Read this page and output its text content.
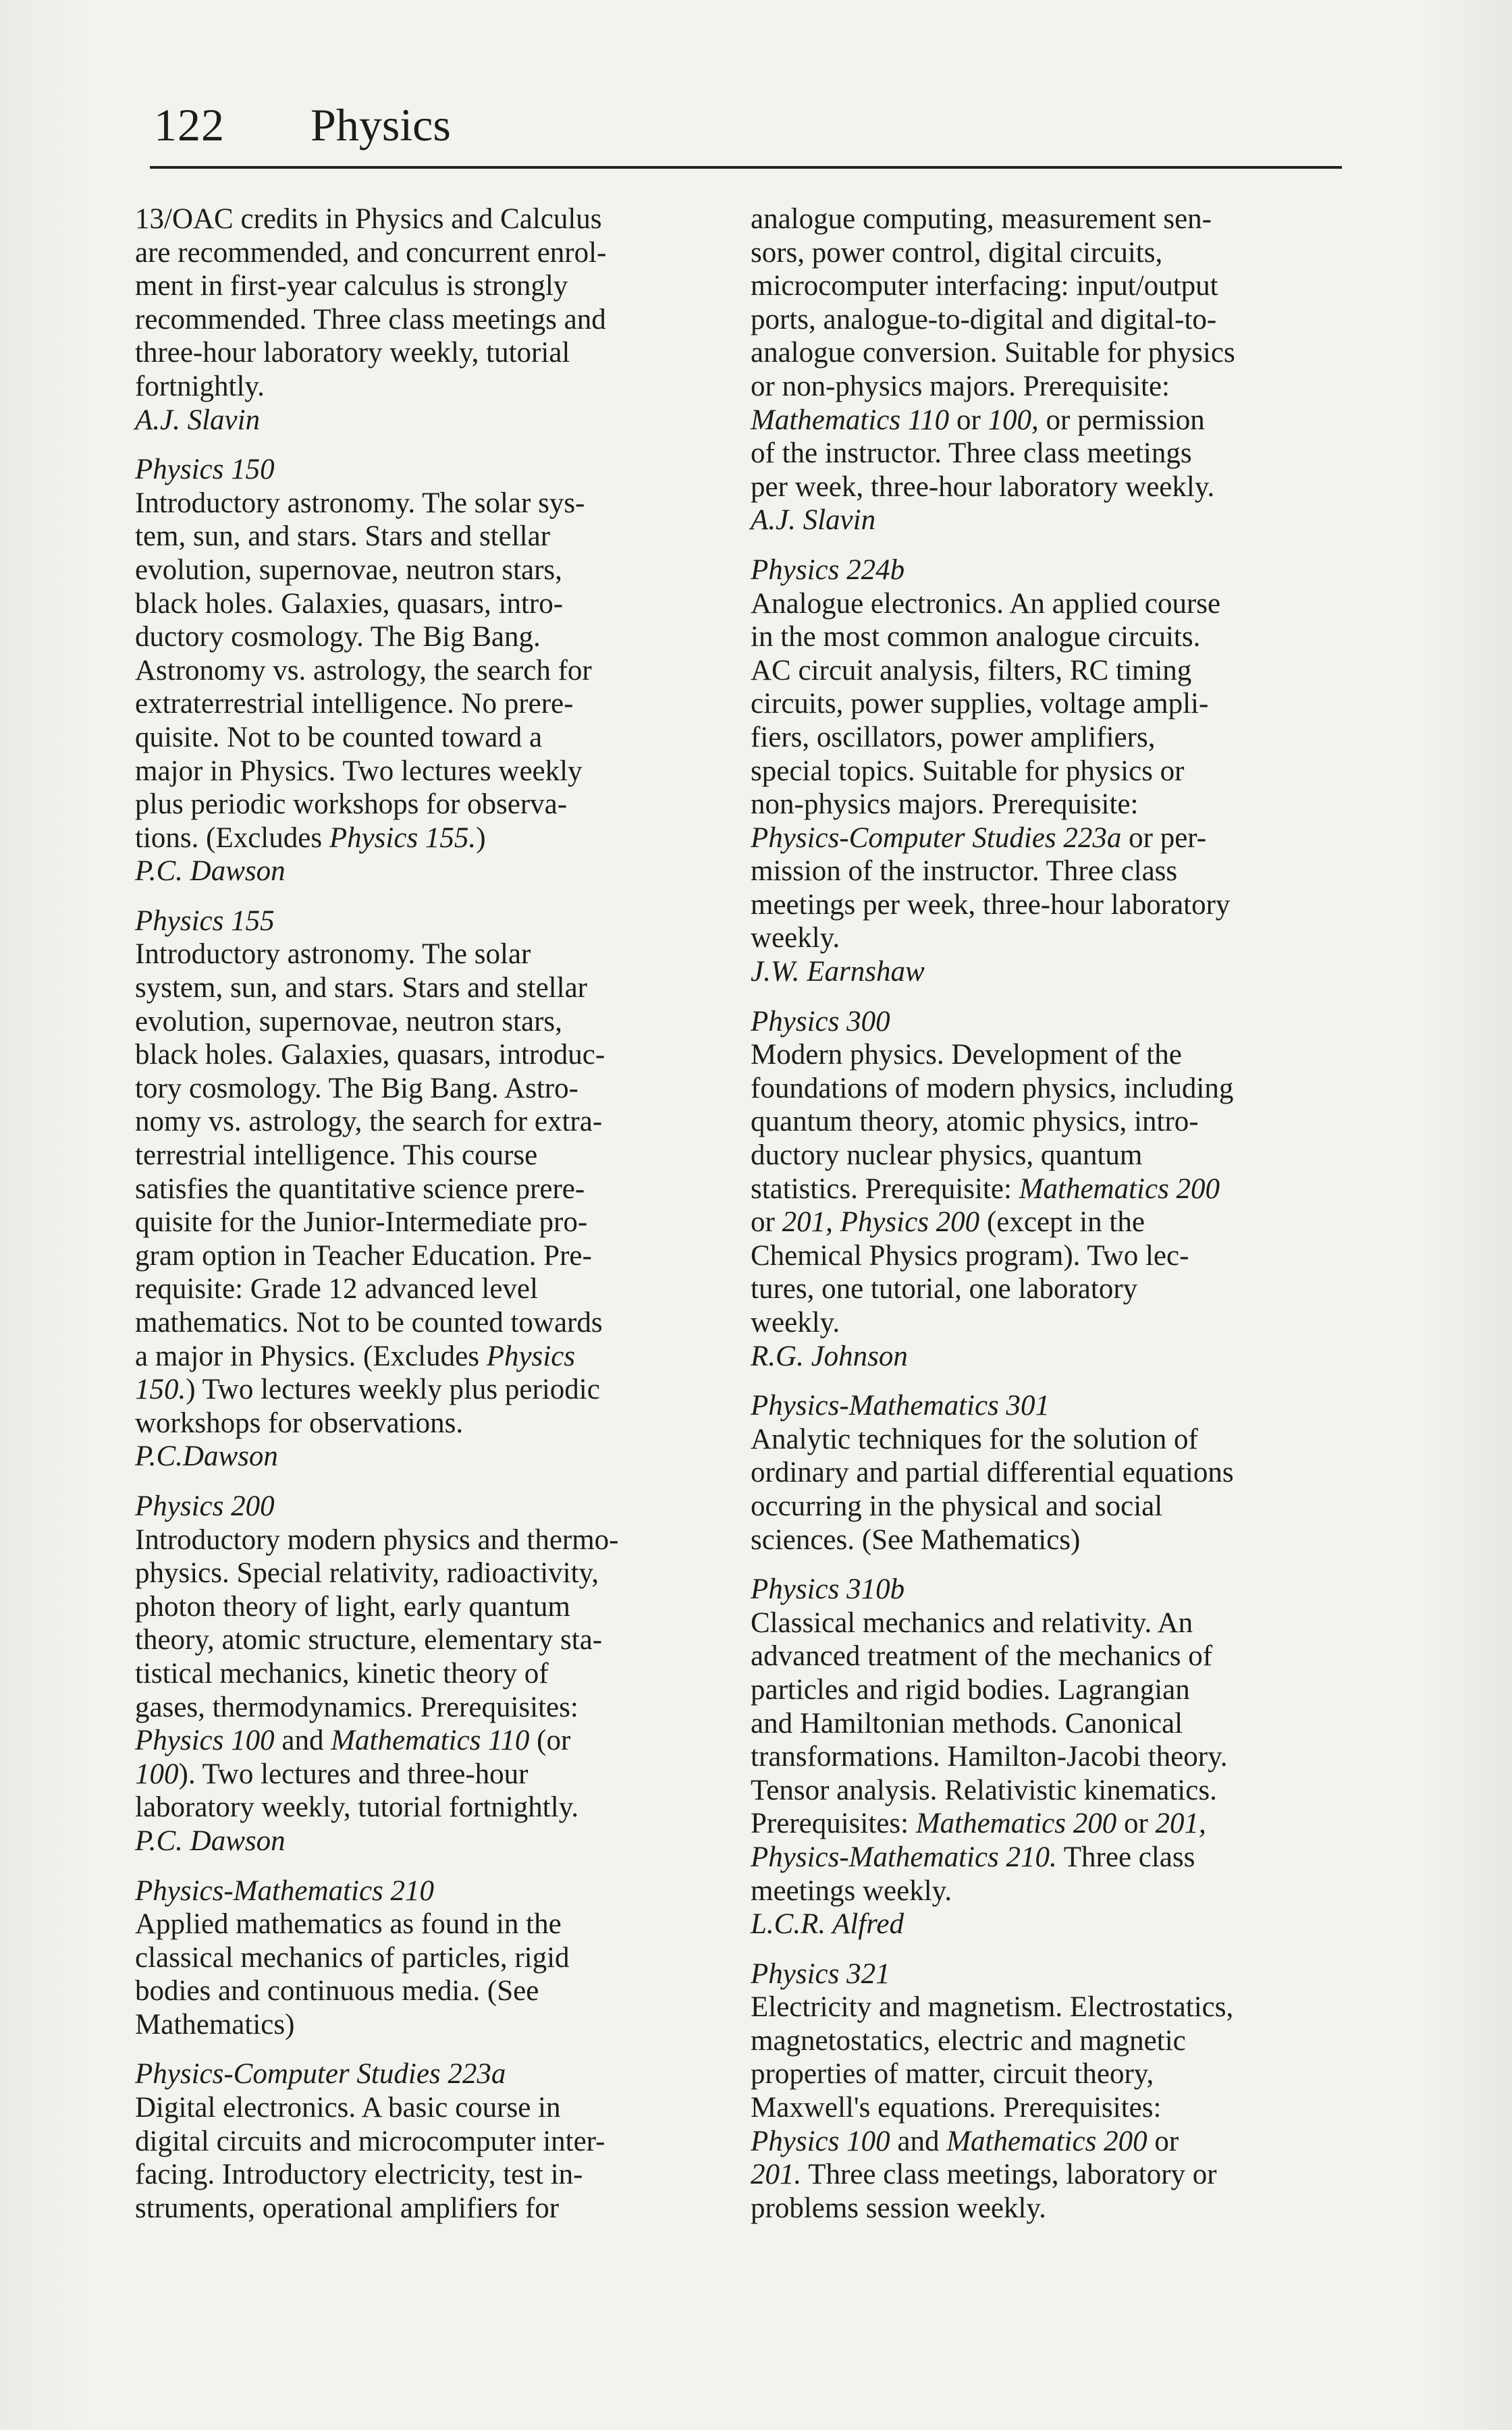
122 Physics
13/OAC credits in Physics and Calculus
are recommended, and concurrent enrol-
ment in first-year calculus is strongly
recommended. Three class meetings and
three-hour laboratory weekly, tutorial
fortnightly.
A.J. Slavin
Physics 150
Introductory astronomy. The solar sys-
tem, sun, and stars. Stars and stellar
evolution, supernovae, neutron stars,
black holes. Galaxies, quasars, intro-
ductory cosmology. The Big Bang.
Astronomy vs. astrology, the search for
extraterrestrial intelligence. No prere-
quisite. Not to be counted toward a
major in Physics. Two lectures weekly
plus periodic workshops for observa-
tions. (Excludes Physics 155.)
P.C. Dawson
Physics 155
Introductory astronomy. The solar
system, sun, and stars. Stars and stellar
evolution, supernovae, neutron stars,
black holes. Galaxies, quasars, introduc-
tory cosmology. The Big Bang. Astro-
nomy vs. astrology, the search for extra-
terrestrial intelligence. This course
satisfies the quantitative science prere-
quisite for the Junior-Intermediate pro-
gram option in Teacher Education. Pre-
requisite: Grade 12 advanced level
mathematics. Not to be counted towards
a major in Physics. (Excludes Physics
150.) Two lectures weekly plus periodic
workshops for observations.
P.C.Dawson
Physics 200
Introductory modern physics and thermo-
physics. Special relativity, radioactivity,
photon theory of light, early quantum
theory, atomic structure, elementary sta-
tistical mechanics, kinetic theory of
gases, thermodynamics. Prerequisites:
Physics 100 and Mathematics 110 (or
100). Two lectures and three-hour
laboratory weekly, tutorial fortnightly.
P.C. Dawson
Physics-Mathematics 210
Applied mathematics as found in the
classical mechanics of particles, rigid
bodies and continuous media. (See
Mathematics)
Physics-Computer Studies 223a
Digital electronics. A basic course in
digital circuits and microcomputer inter-
facing. Introductory electricity, test in-
struments, operational amplifiers for
analogue computing, measurement sen-
sors, power control, digital circuits,
microcomputer interfacing: input/output
ports, analogue-to-digital and digital-to-
analogue conversion. Suitable for physics
or non-physics majors. Prerequisite:
Mathematics 110 or 100, or permission
of the instructor. Three class meetings
per week, three-hour laboratory weekly.
A.J. Slavin
Physics 224b
Analogue electronics. An applied course
in the most common analogue circuits.
AC circuit analysis, filters, RC timing
circuits, power supplies, voltage ampli-
fiers, oscillators, power amplifiers,
special topics. Suitable for physics or
non-physics majors. Prerequisite:
Physics-Computer Studies 223a or per-
mission of the instructor. Three class
meetings per week, three-hour laboratory
weekly.
J.W. Earnshaw
Physics 300
Modern physics. Development of the
foundations of modern physics, including
quantum theory, atomic physics, intro-
ductory nuclear physics, quantum
statistics. Prerequisite: Mathematics 200
or 201, Physics 200 (except in the
Chemical Physics program). Two lec-
tures, one tutorial, one laboratory
weekly.
R.G. Johnson
Physics-Mathematics 301
Analytic techniques for the solution of
ordinary and partial differential equations
occurring in the physical and social
sciences. (See Mathematics)
Physics 310b
Classical mechanics and relativity. An
advanced treatment of the mechanics of
particles and rigid bodies. Lagrangian
and Hamiltonian methods. Canonical
transformations. Hamilton-Jacobi theory.
Tensor analysis. Relativistic kinematics.
Prerequisites: Mathematics 200 or 201,
Physics-Mathematics 210. Three class
meetings weekly.
L.C.R. Alfred
Physics 321
Electricity and magnetism. Electrostatics,
magnetostatics, electric and magnetic
properties of matter, circuit theory,
Maxwell's equations. Prerequisites:
Physics 100 and Mathematics 200 or
201. Three class meetings, laboratory or
problems session weekly.
